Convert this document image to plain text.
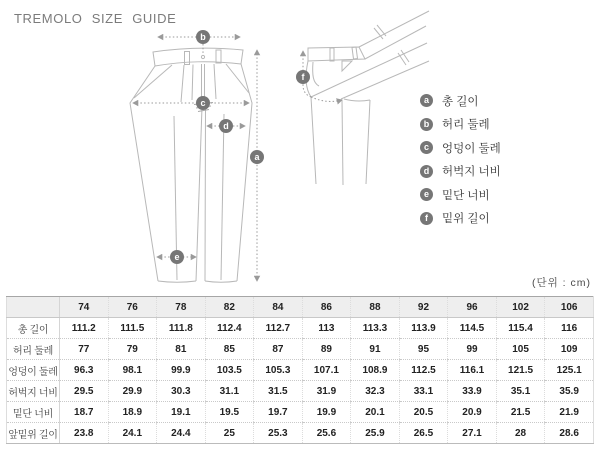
TREMOLO SIZE GUIDE
b
a
c
d
e
f
a	총 길이
b	허리 둘레
c	엉덩이 둘레
d	허벅지 너비
e	밑단 너비
f	밑위 길이
(단위 : cm)
	74	76	78	82	84	86	88	92	96	102	106
총 길이	111.2	111.5	111.8	112.4	112.7	113	113.3	113.9	114.5	115.4	116
허리 둘레	77	79	81	85	87	89	91	95	99	105	109
엉덩이 둘레	96.3	98.1	99.9	103.5	105.3	107.1	108.9	112.5	116.1	121.5	125.1
허벅지 너비	29.5	29.9	30.3	31.1	31.5	31.9	32.3	33.1	33.9	35.1	35.9
밑단 너비	18.7	18.9	19.1	19.5	19.7	19.9	20.1	20.5	20.9	21.5	21.9
앞밑위 길이	23.8	24.1	24.4	25	25.3	25.6	25.9	26.5	27.1	28	28.6
